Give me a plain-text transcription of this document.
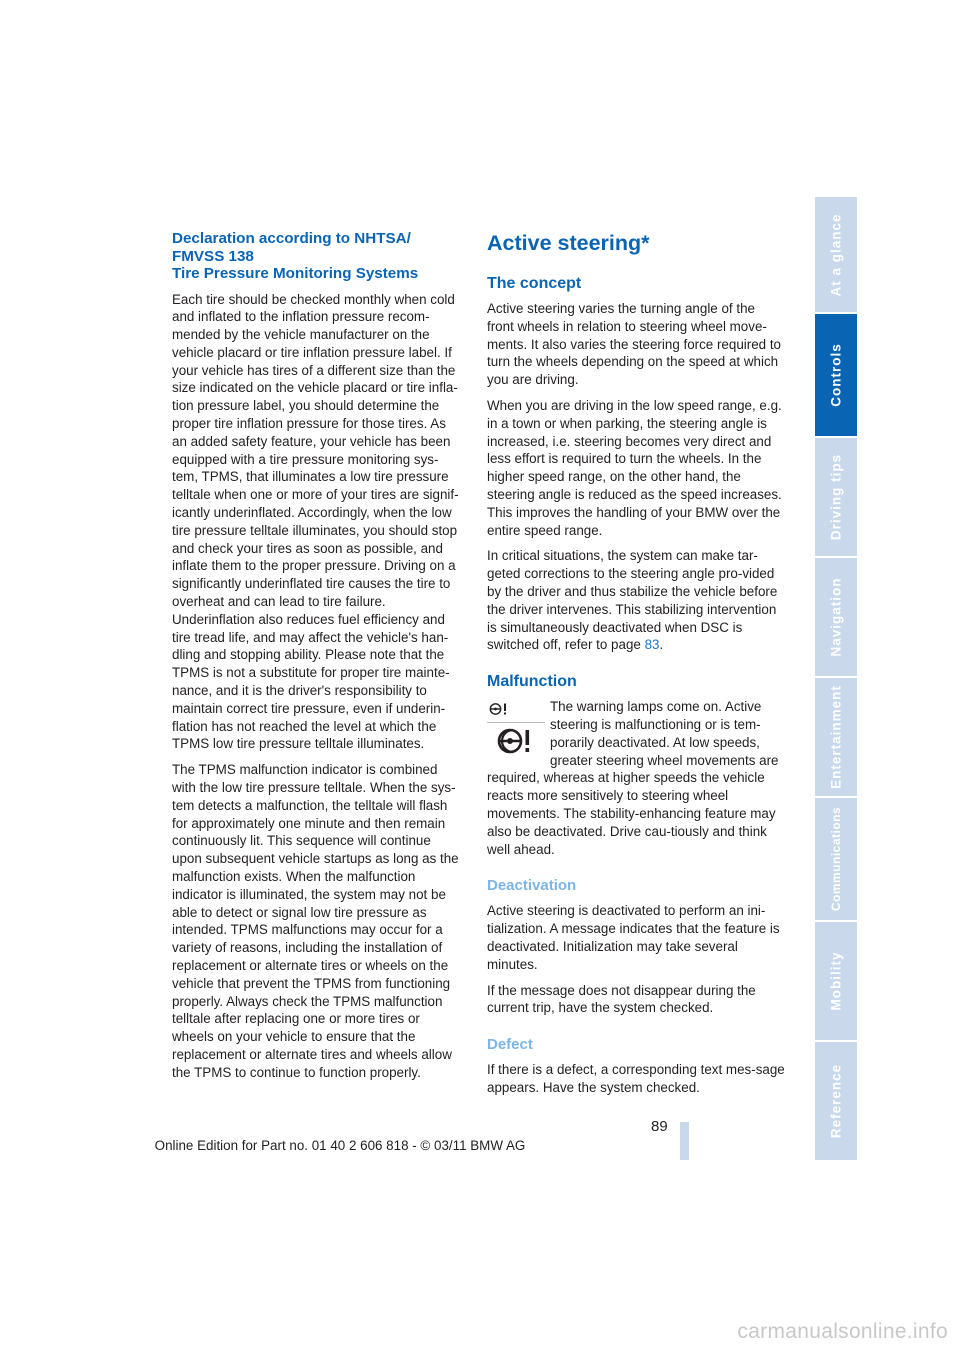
Declaration according to NHTSA/
FMVSS 138
Tire Pressure Monitoring Systems

Each tire should be checked monthly when cold and inflated to the inflation pressure recom-mended by the vehicle manufacturer on the vehicle placard or tire inflation pressure label. If your vehicle has tires of a different size than the size indicated on the vehicle placard or tire infla-tion pressure label, you should determine the proper tire inflation pressure for those tires. As an added safety feature, your vehicle has been equipped with a tire pressure monitoring sys-tem, TPMS, that illuminates a low tire pressure telltale when one or more of your tires are signif-icantly underinflated. Accordingly, when the low tire pressure telltale illuminates, you should stop and check your tires as soon as possible, and inflate them to the proper pressure. Driving on a significantly underinflated tire causes the tire to overheat and can lead to tire failure. Underinflation also reduces fuel efficiency and tire tread life, and may affect the vehicle's han-dling and stopping ability. Please note that the TPMS is not a substitute for proper tire mainte-nance, and it is the driver's responsibility to maintain correct tire pressure, even if underin-flation has not reached the level at which the TPMS low tire pressure telltale illuminates.

The TPMS malfunction indicator is combined with the low tire pressure telltale. When the sys-tem detects a malfunction, the telltale will flash for approximately one minute and then remain continuously lit. This sequence will continue upon subsequent vehicle startups as long as the malfunction exists. When the malfunction indicator is illuminated, the system may not be able to detect or signal low tire pressure as intended. TPMS malfunctions may occur for a variety of reasons, including the installation of replacement or alternate tires or wheels on the vehicle that prevent the TPMS from functioning properly. Always check the TPMS malfunction telltale after replacing one or more tires or wheels on your vehicle to ensure that the replacement or alternate tires and wheels allow the TPMS to continue to function properly.

Active steering*
The concept

Active steering varies the turning angle of the front wheels in relation to steering wheel move-ments. It also varies the steering force required to turn the wheels depending on the speed at which you are driving.

When you are driving in the low speed range, e.g. in a town or when parking, the steering angle is increased, i.e. steering becomes very direct and less effort is required to turn the wheels. In the higher speed range, on the other hand, the steering angle is reduced as the speed increases. This improves the handling of your BMW over the entire speed range.

In critical situations, the system can make tar-geted corrections to the steering angle pro-vided by the driver and thus stabilize the vehicle before the driver intervenes. This stabilizing intervention is simultaneously deactivated when DSC is switched off, refer to page 83.

Malfunction

The warning lamps come on. Active steering is malfunctioning or is tem-porarily deactivated. At low speeds, greater steering wheel movements are required, whereas at higher speeds the vehicle reacts more sensitively to steering wheel movements. The stability-enhancing feature may also be deactivated. Drive cau-tiously and think well ahead.

Deactivation

Active steering is deactivated to perform an ini-tialization. A message indicates that the feature is deactivated. Initialization may take several minutes.

If the message does not disappear during the current trip, have the system checked.

Defect

If there is a defect, a corresponding text mes-sage appears. Have the system checked.

At a glance
Controls
Driving tips
Navigation
Entertainment
Communications
Mobility
Reference
89
Online Edition for Part no. 01 40 2 606 818 - © 03/11 BMW AG
carmanualsonline.info
